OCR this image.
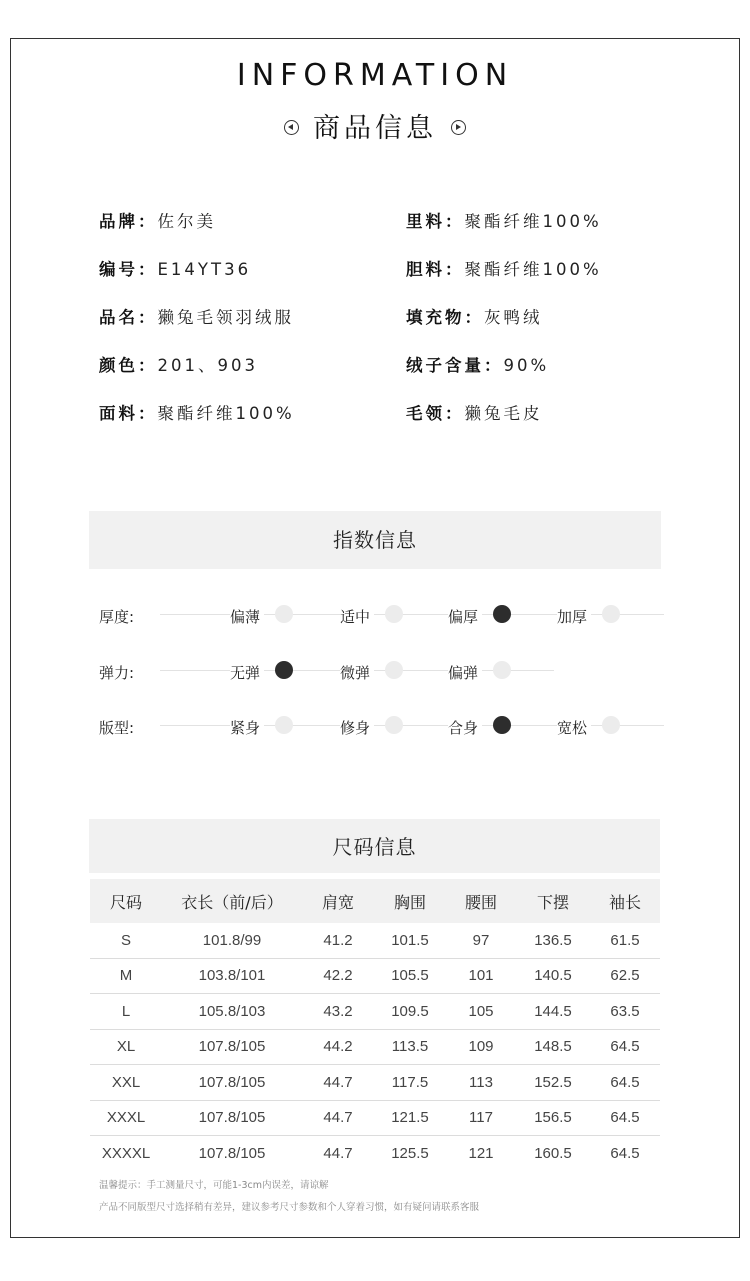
INFORMATION
商品信息
品牌：佐尔美
编号：E14YT36
品名：獭兔毛领羽绒服
颜色：201、903
面料：聚酯纤维100%
里料：聚酯纤维100%
胆料：聚酯纤维100%
填充物：灰鸭绒
绒子含量：90%
毛领：獭兔毛皮
指数信息
厚度:	偏薄	适中	偏厚	加厚
弹力:	无弹	微弹	偏弹
版型:	紧身	修身	合身	宽松
尺码信息
尺码	衣长（前/后）	肩宽	胸围	腰围	下摆	袖长
S	101.8/99	41.2	101.5	97	136.5	61.5
M	103.8/101	42.2	105.5	101	140.5	62.5
L	105.8/103	43.2	109.5	105	144.5	63.5
XL	107.8/105	44.2	113.5	109	148.5	64.5
XXL	107.8/105	44.7	117.5	113	152.5	64.5
XXXL	107.8/105	44.7	121.5	117	156.5	64.5
XXXXL	107.8/105	44.7	125.5	121	160.5	64.5
温馨提示：手工测量尺寸，可能1-3cm内误差，请谅解
产品不同版型尺寸选择稍有差异，建议参考尺寸参数和个人穿着习惯，如有疑问请联系客服
